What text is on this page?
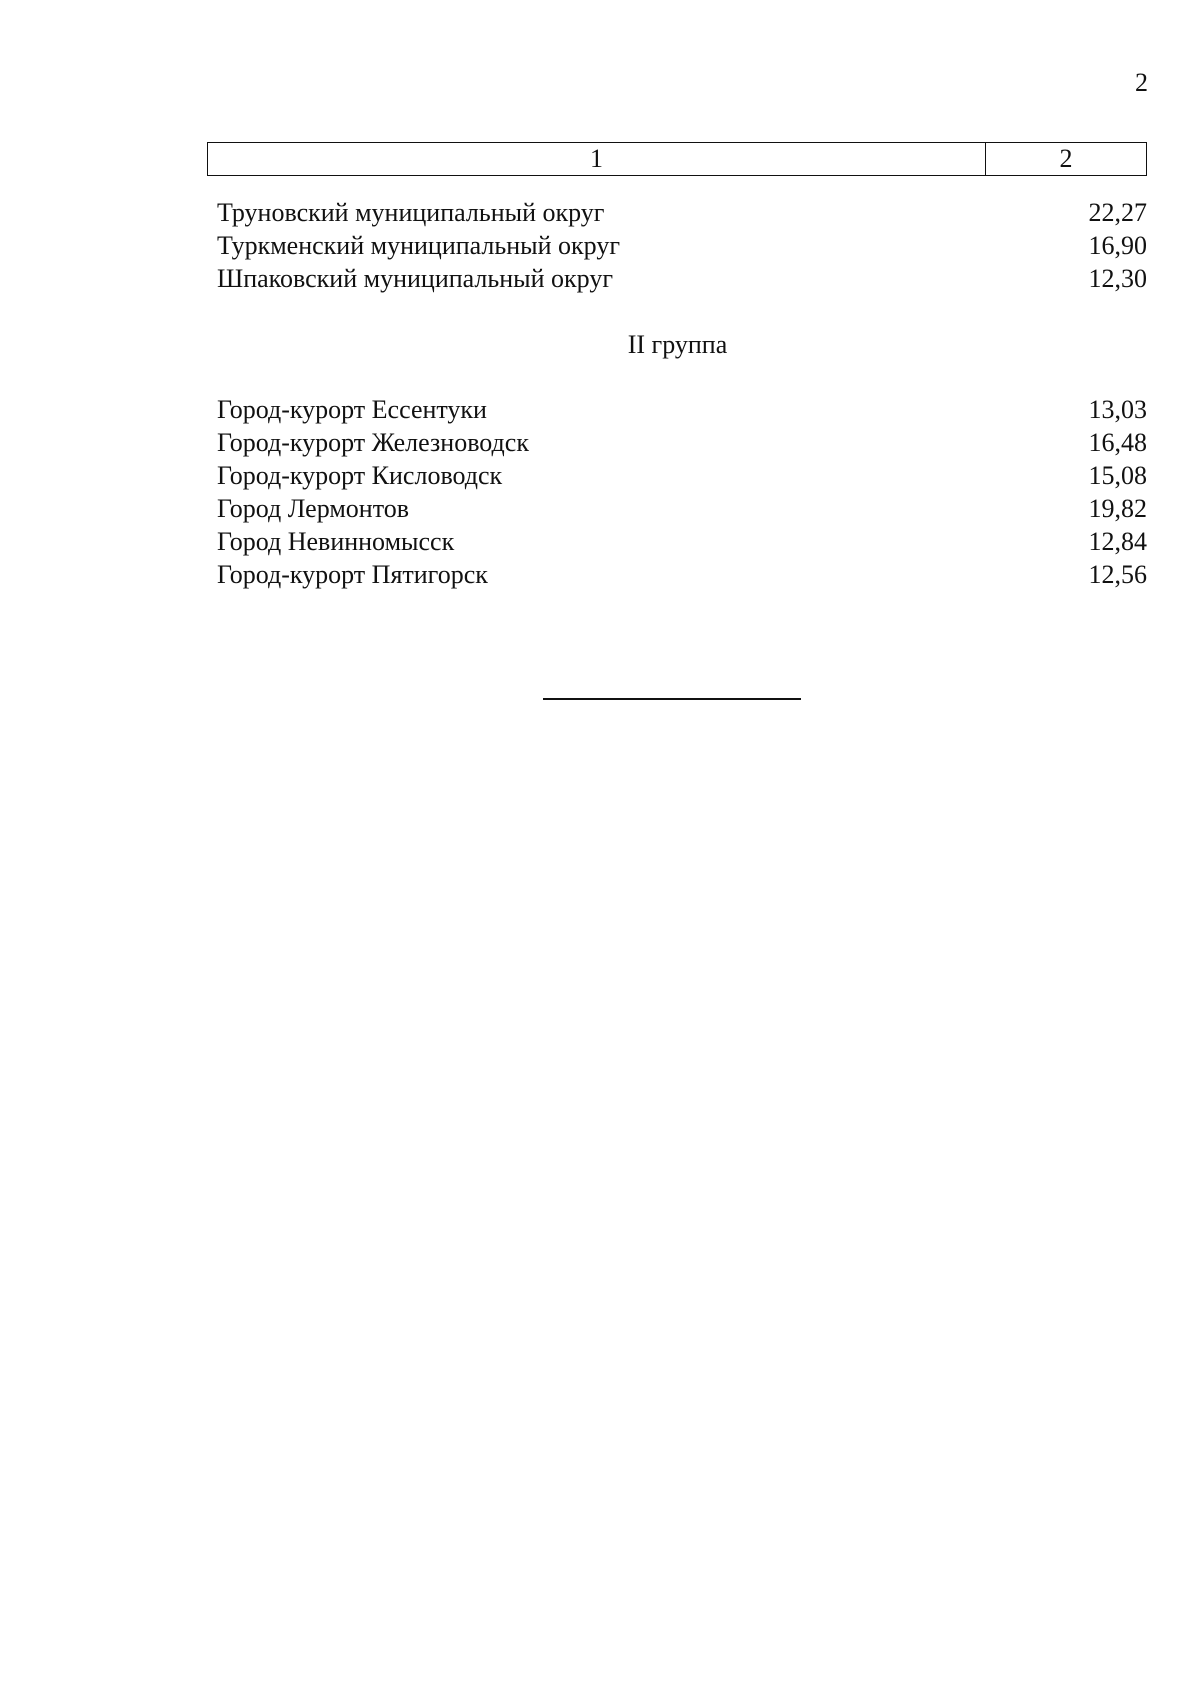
2
1	2
Труновский муниципальный округ	22,27
Туркменский муниципальный округ	16,90
Шпаковский муниципальный округ	12,30
II группа
Город-курорт Ессентуки	13,03
Город-курорт Железноводск	16,48
Город-курорт Кисловодск	15,08
Город Лермонтов	19,82
Город Невинномысск	12,84
Город-курорт Пятигорск	12,56
